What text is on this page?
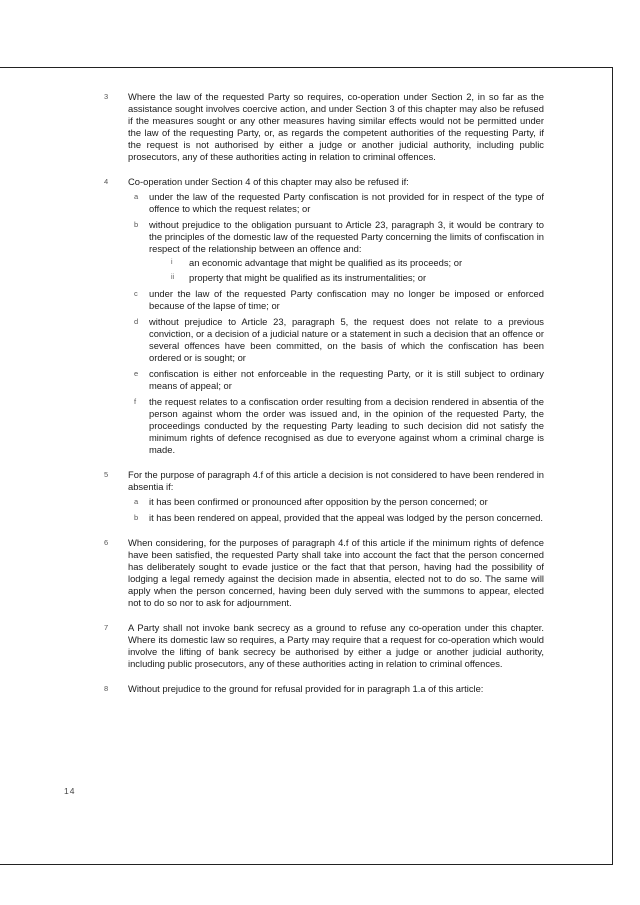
3	Where the law of the requested Party so requires, co-operation under Section 2, in so far as the assistance sought involves coercive action, and under Section 3 of this chapter may also be refused if the measures sought or any other measures having similar effects would not be permitted under the law of the requesting Party, or, as regards the competent authorities of the requesting Party, if the request is not authorised by either a judge or another judicial authority, including public prosecutors, any of these authorities acting in relation to criminal offences.
4	Co-operation under Section 4 of this chapter may also be refused if:
a under the law of the requested Party confiscation is not provided for in respect of the type of offence to which the request relates; or
b without prejudice to the obligation pursuant to Article 23, paragraph 3, it would be contrary to the principles of the domestic law of the requested Party concerning the limits of confiscation in respect of the relationship between an offence and:
i an economic advantage that might be qualified as its proceeds; or
ii property that might be qualified as its instrumentalities; or
c under the law of the requested Party confiscation may no longer be imposed or enforced because of the lapse of time; or
d without prejudice to Article 23, paragraph 5, the request does not relate to a previous conviction, or a decision of a judicial nature or a statement in such a decision that an offence or several offences have been committed, on the basis of which the confiscation has been ordered or is sought; or
e confiscation is either not enforceable in the requesting Party, or it is still subject to ordinary means of appeal; or
f the request relates to a confiscation order resulting from a decision rendered in absentia of the person against whom the order was issued and, in the opinion of the requested Party, the proceedings conducted by the requesting Party leading to such decision did not satisfy the minimum rights of defence recognised as due to everyone against whom a criminal charge is made.
5	For the purpose of paragraph 4.f of this article a decision is not considered to have been rendered in absentia if:
a it has been confirmed or pronounced after opposition by the person concerned; or
b it has been rendered on appeal, provided that the appeal was lodged by the person concerned.
6	When considering, for the purposes of paragraph 4.f of this article if the minimum rights of defence have been satisfied, the requested Party shall take into account the fact that the person concerned has deliberately sought to evade justice or the fact that that person, having had the possibility of lodging a legal remedy against the decision made in absentia, elected not to do so. The same will apply when the person concerned, having been duly served with the summons to appear, elected not to do so nor to ask for adjournment.
7	A Party shall not invoke bank secrecy as a ground to refuse any co-operation under this chapter. Where its domestic law so requires, a Party may require that a request for co-operation which would involve the lifting of bank secrecy be authorised by either a judge or another judicial authority, including public prosecutors, any of these authorities acting in relation to criminal offences.
8	Without prejudice to the ground for refusal provided for in paragraph 1.a of this article:
14
